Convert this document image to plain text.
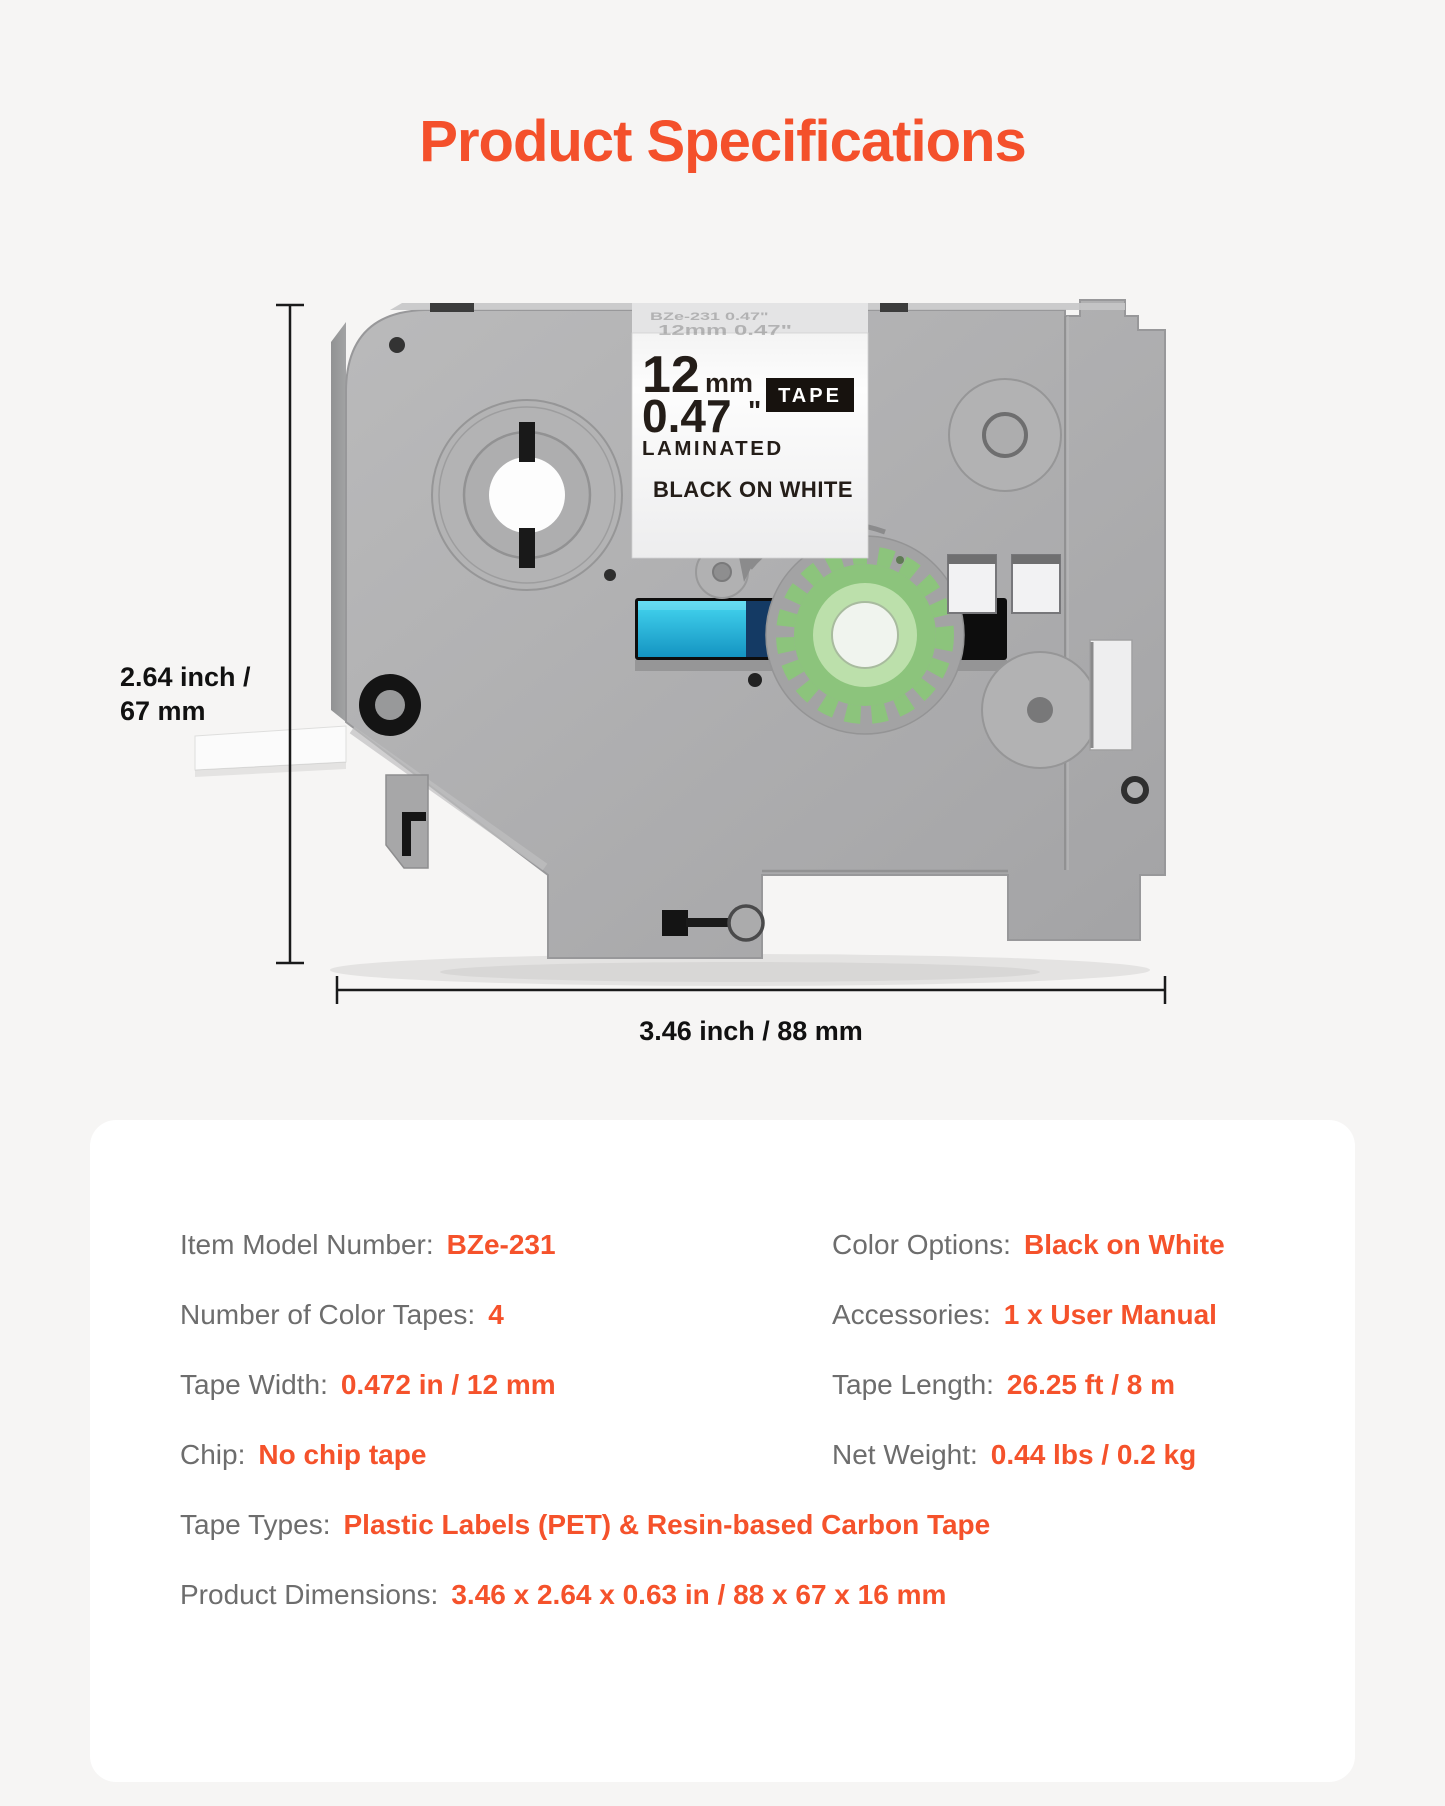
Product Specifications
BZe-231 0.47"
12mm 0.47"
12 mm
0.47 " TAPE
LAMINATED
BLACK ON WHITE
2.64 inch /
67 mm
3.46 inch / 88 mm
Item Model Number: BZe-231	Color Options: Black on White
Number of Color Tapes: 4	Accessories: 1 x User Manual
Tape Width: 0.472 in / 12 mm	Tape Length: 26.25 ft / 8 m
Chip: No chip tape	Net Weight: 0.44 lbs / 0.2 kg
Tape Types: Plastic Labels (PET) & Resin-based Carbon Tape
Product Dimensions: 3.46 x 2.64 x 0.63 in / 88 x 67 x 16 mm
